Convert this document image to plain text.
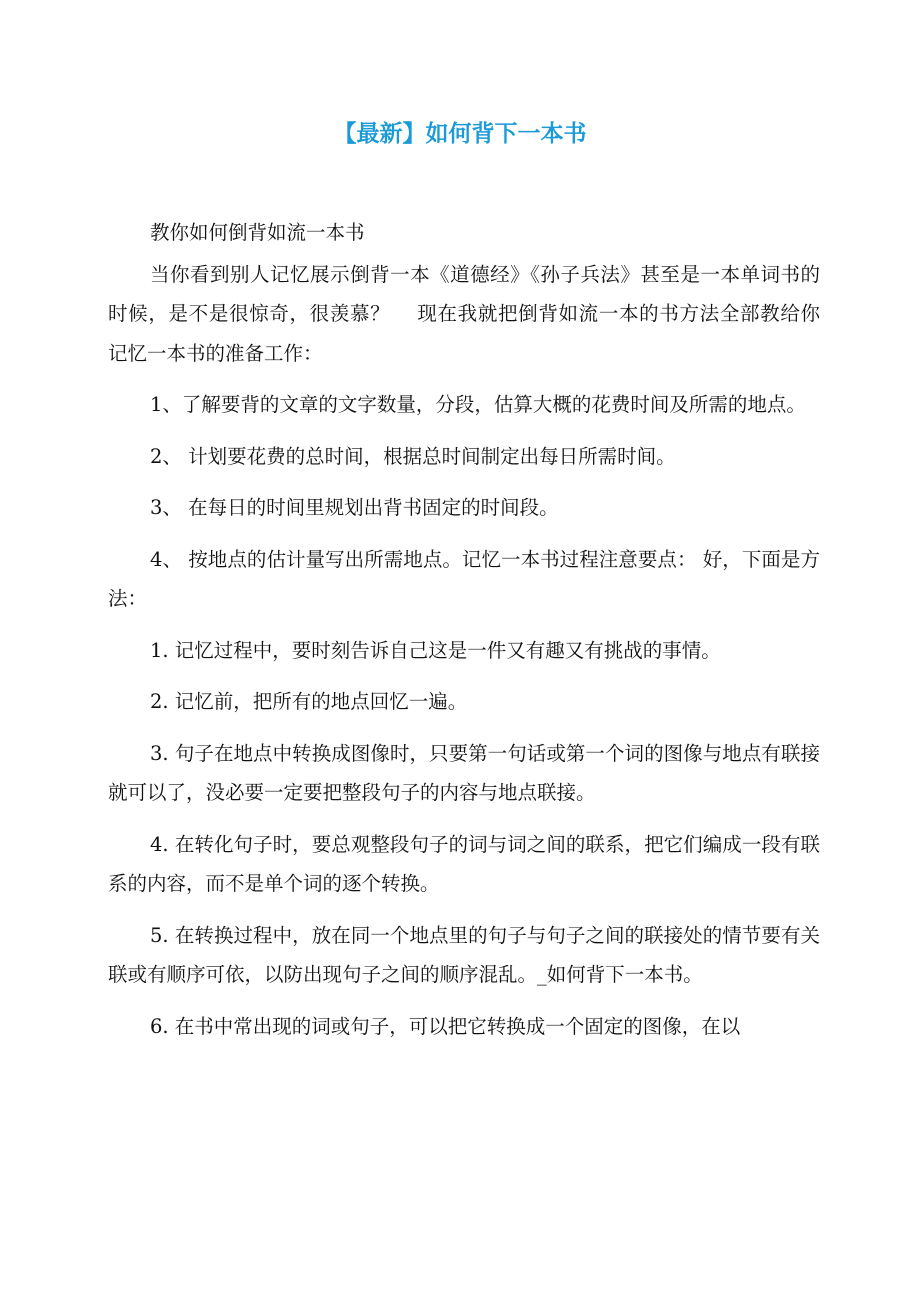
【最新】如何背下一本书

教你如何倒背如流一本书

当你看到别人记忆展示倒背一本《道德经》《孙子兵法》甚至是一本单词书的时候，是不是很惊奇，很羡慕？　 现在我就把倒背如流一本的书方法全部教给你 记忆一本书的准备工作：

1、了解要背的文章的文字数量，分段，估算大概的花费时间及所需的地点。

2、 计划要花费的总时间，根据总时间制定出每日所需时间。

3、 在每日的时间里规划出背书固定的时间段。

4、 按地点的估计量写出所需地点。记忆一本书过程注意要点： 好，下面是方法：

1. 记忆过程中，要时刻告诉自己这是一件又有趣又有挑战的事情。

2. 记忆前，把所有的地点回忆一遍。

3. 句子在地点中转换成图像时，只要第一句话或第一个词的图像与地点有联接就可以了，没必要一定要把整段句子的内容与地点联接。

4. 在转化句子时，要总观整段句子的词与词之间的联系，把它们编成一段有联系的内容，而不是单个词的逐个转换。

5. 在转换过程中，放在同一个地点里的句子与句子之间的联接处的情节要有关联或有顺序可依，以防出现句子之间的顺序混乱。_如何背下一本书。

6. 在书中常出现的词或句子，可以把它转换成一个固定的图像，在以
